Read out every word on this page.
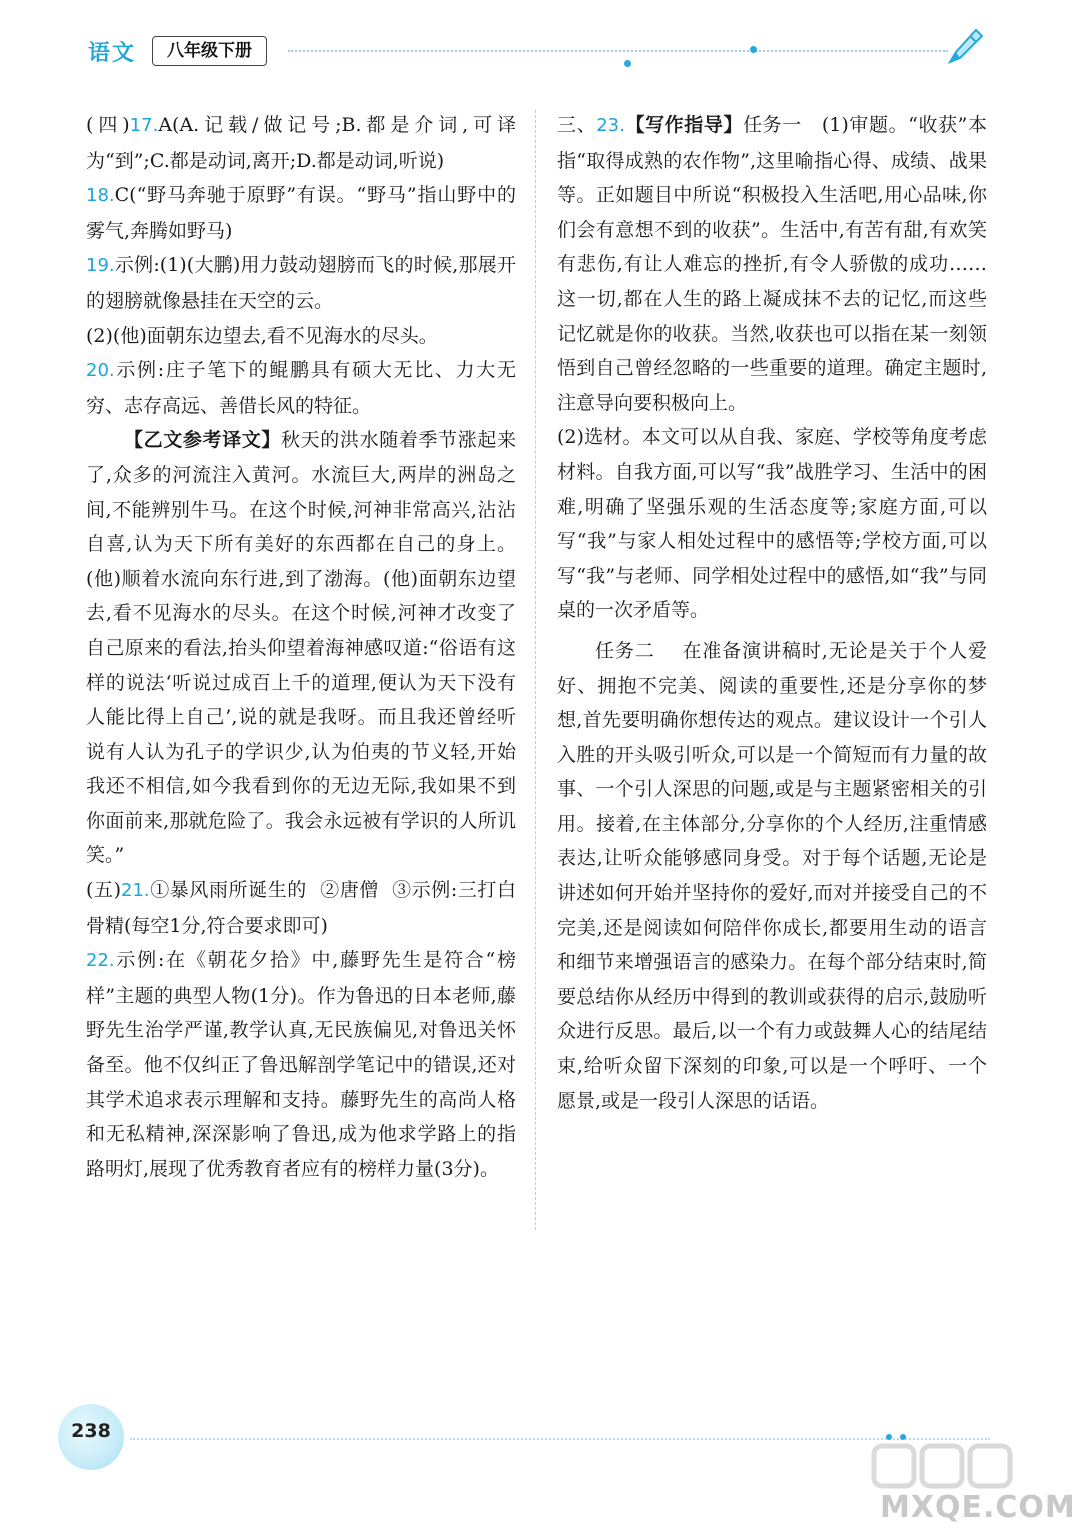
语文	八年级下册

(四)17.A(A.记载/做记号;B.都是介词,可译为“到”;C.都是动词,离开;D.都是动词,听说)

18.C(“野马奔驰于原野”有误。“野马”指山野中的雾气,奔腾如野马)

19.示例:(1)(大鹏)用力鼓动翅膀而飞的时候,那展开的翅膀就像悬挂在天空的云。

(2)(他)面朝东边望去,看不见海水的尽头。

20.示例:庄子笔下的鲲鹏具有硕大无比、力大无穷、志存高远、善借长风的特征。

【乙文参考译文】秋天的洪水随着季节涨起来了,众多的河流注入黄河。水流巨大,两岸的洲岛之间,不能辨别牛马。在这个时候,河神非常高兴,沾沾自喜,认为天下所有美好的东西都在自己的身上。(他)顺着水流向东行进,到了渤海。(他)面朝东边望去,看不见海水的尽头。在这个时候,河神才改变了自己原来的看法,抬头仰望着海神感叹道:“俗语有这样的说法‘听说过成百上千的道理,便认为天下没有人能比得上自己’,说的就是我呀。而且我还曾经听说有人认为孔子的学识少,认为伯夷的节义轻,开始我还不相信,如今我看到你的无边无际,我如果不到你面前来,那就危险了。我会永远被有学识的人所讥笑。”

(五)21.①暴风雨所诞生的  ②唐僧  ③示例:三打白骨精(每空1分,符合要求即可)

22.示例:在《朝花夕拾》中,藤野先生是符合“榜样”主题的典型人物(1分)。作为鲁迅的日本老师,藤野先生治学严谨,教学认真,无民族偏见,对鲁迅关怀备至。他不仅纠正了鲁迅解剖学笔记中的错误,还对其学术追求表示理解和支持。藤野先生的高尚人格和无私精神,深深影响了鲁迅,成为他求学路上的指路明灯,展现了优秀教育者应有的榜样力量(3分)。

三、23.【写作指导】任务一 (1)审题。“收获”本指“取得成熟的农作物”,这里喻指心得、成绩、战果等。正如题目中所说“积极投入生活吧,用心品味,你们会有意想不到的收获”。生活中,有苦有甜,有欢笑有悲伤,有让人难忘的挫折,有令人骄傲的成功……这一切,都在人生的路上凝成抹不去的记忆,而这些记忆就是你的收获。当然,收获也可以指在某一刻领悟到自己曾经忽略的一些重要的道理。确定主题时,注意导向要积极向上。

(2)选材。本文可以从自我、家庭、学校等角度考虑材料。自我方面,可以写“我”战胜学习、生活中的困难,明确了坚强乐观的生活态度等;家庭方面,可以写“我”与家人相处过程中的感悟等;学校方面,可以写“我”与老师、同学相处过程中的感悟,如“我”与同桌的一次矛盾等。

任务二 在准备演讲稿时,无论是关于个人爱好、拥抱不完美、阅读的重要性,还是分享你的梦想,首先要明确你想传达的观点。建议设计一个引人入胜的开头吸引听众,可以是一个简短而有力量的故事、一个引人深思的问题,或是与主题紧密相关的引用。接着,在主体部分,分享你的个人经历,注重情感表达,让听众能够感同身受。对于每个话题,无论是讲述如何开始并坚持你的爱好,而对并接受自己的不完美,还是阅读如何陪伴你成长,都要用生动的语言和细节来增强语言的感染力。在每个部分结束时,简要总结你从经历中得到的教训或获得的启示,鼓励听众进行反思。最后,以一个有力或鼓舞人心的结尾结束,给听众留下深刻的印象,可以是一个呼吁、一个愿景,或是一段引人深思的话语。

238
MXQE.COM
